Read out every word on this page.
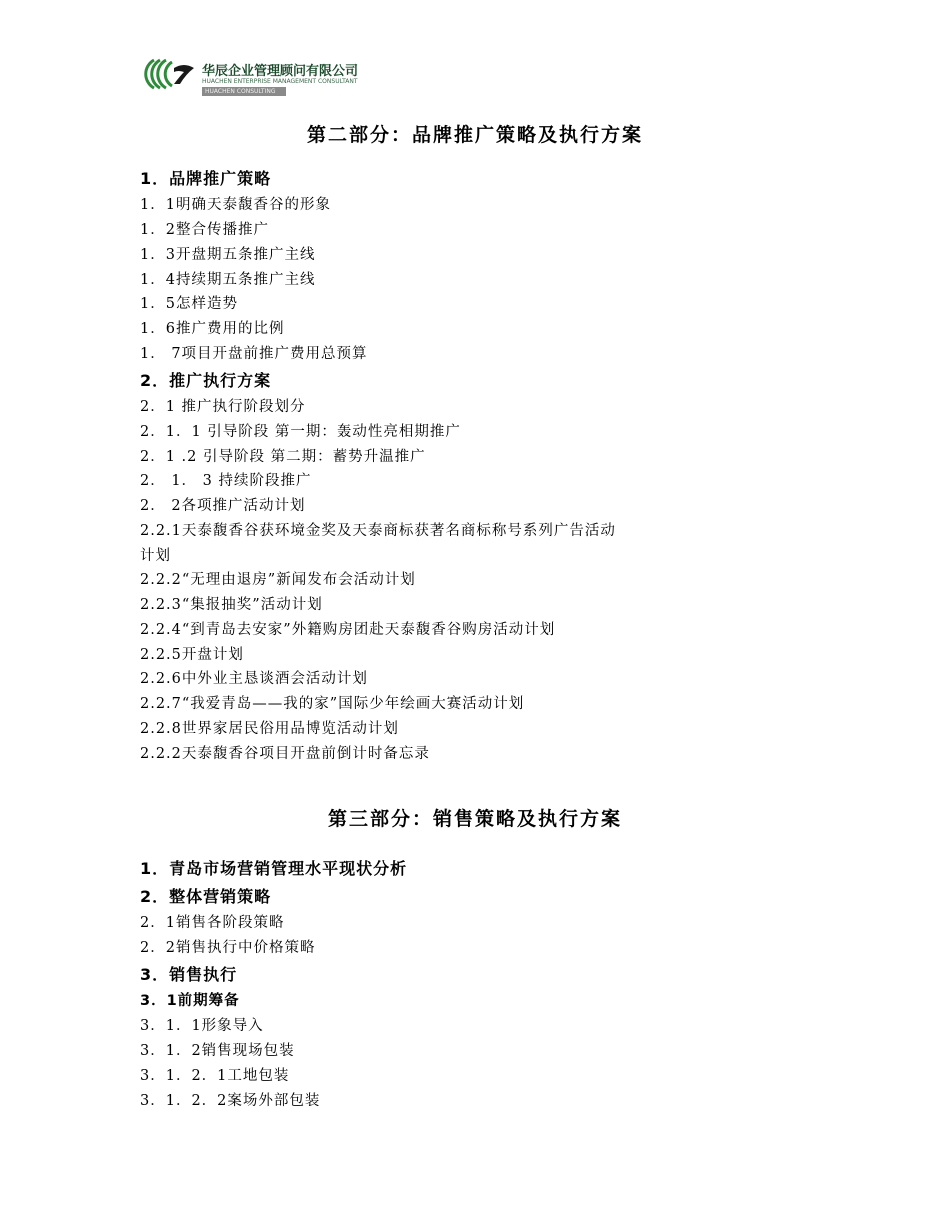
华辰企业管理顾问有限公司
HUACHEN ENTERPRISE MANAGEMENT CONSULTANT
HUACHEN CONSULTING
第二部分：品牌推广策略及执行方案
1．品牌推广策略
1．1明确天泰馥香谷的形象
1．2整合传播推广
1．3开盘期五条推广主线
1．4持续期五条推广主线
1．5怎样造势
1．6推广费用的比例
1． 7项目开盘前推广费用总预算
2．推广执行方案
2．1 推广执行阶段划分
2．1．1 引导阶段 第一期：轰动性亮相期推广
2．1 .2 引导阶段 第二期：蓄势升温推广
2． 1． 3 持续阶段推广
2． 2各项推广活动计划
2.2.1天泰馥香谷获环境金奖及天泰商标获著名商标称号系列广告活动
计划
2.2.2“无理由退房”新闻发布会活动计划
2.2.3“集报抽奖”活动计划
2.2.4“到青岛去安家”外籍购房团赴天泰馥香谷购房活动计划
2.2.5开盘计划
2.2.6中外业主恳谈酒会活动计划
2.2.7“我爱青岛——我的家”国际少年绘画大赛活动计划
2.2.8世界家居民俗用品博览活动计划
2.2.2天泰馥香谷项目开盘前倒计时备忘录
第三部分：销售策略及执行方案
1．青岛市场营销管理水平现状分析
2．整体营销策略
2．1销售各阶段策略
2．2销售执行中价格策略
3．销售执行
3．1前期筹备
3．1．1形象导入
3．1．2销售现场包装
3．1．2．1工地包装
3．1．2．2案场外部包装
